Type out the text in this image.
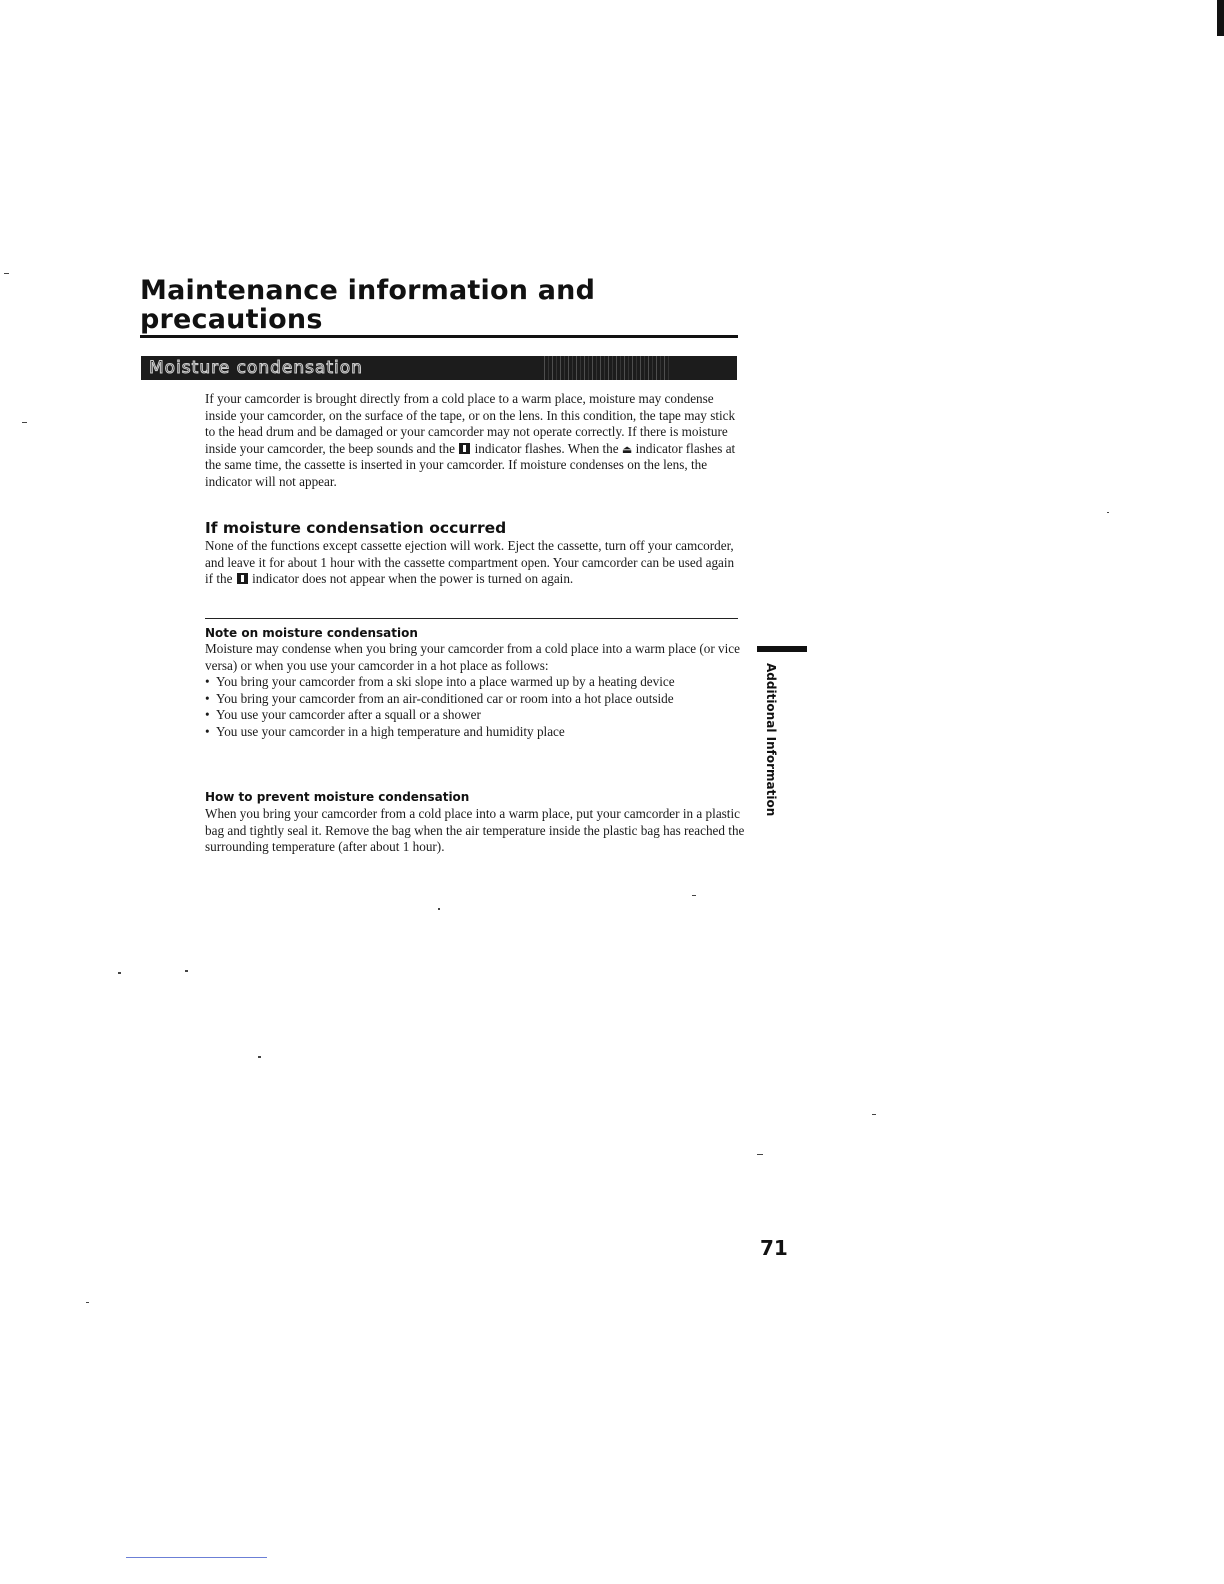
Maintenance information and precautions
Moisture condensation

If your camcorder is brought directly from a cold place to a warm place, moisture may condense inside your camcorder, on the surface of the tape, or on the lens. In this condition, the tape may stick to the head drum and be damaged or your camcorder may not operate correctly. If there is moisture inside your camcorder, the beep sounds and the indicator flashes. When the ⏏ indicator flashes at the same time, the cassette is inserted in your camcorder. If moisture condenses on the lens, the indicator will not appear.

If moisture condensation occurred

None of the functions except cassette ejection will work. Eject the cassette, turn off your camcorder, and leave it for about 1 hour with the cassette compartment open. Your camcorder can be used again if the indicator does not appear when the power is turned on again.

Note on moisture condensation
Moisture may condense when you bring your camcorder from a cold place into a warm place (or vice versa) or when you use your camcorder in a hot place as follows:
• You bring your camcorder from a ski slope into a place warmed up by a heating device
• You bring your camcorder from an air-conditioned car or room into a hot place outside
• You use your camcorder after a squall or a shower
• You use your camcorder in a high temperature and humidity place
How to prevent moisture condensation

When you bring your camcorder from a cold place into a warm place, put your camcorder in a plastic bag and tightly seal it. Remove the bag when the air temperature inside the plastic bag has reached the surrounding temperature (after about 1 hour).

Additional Information
71
